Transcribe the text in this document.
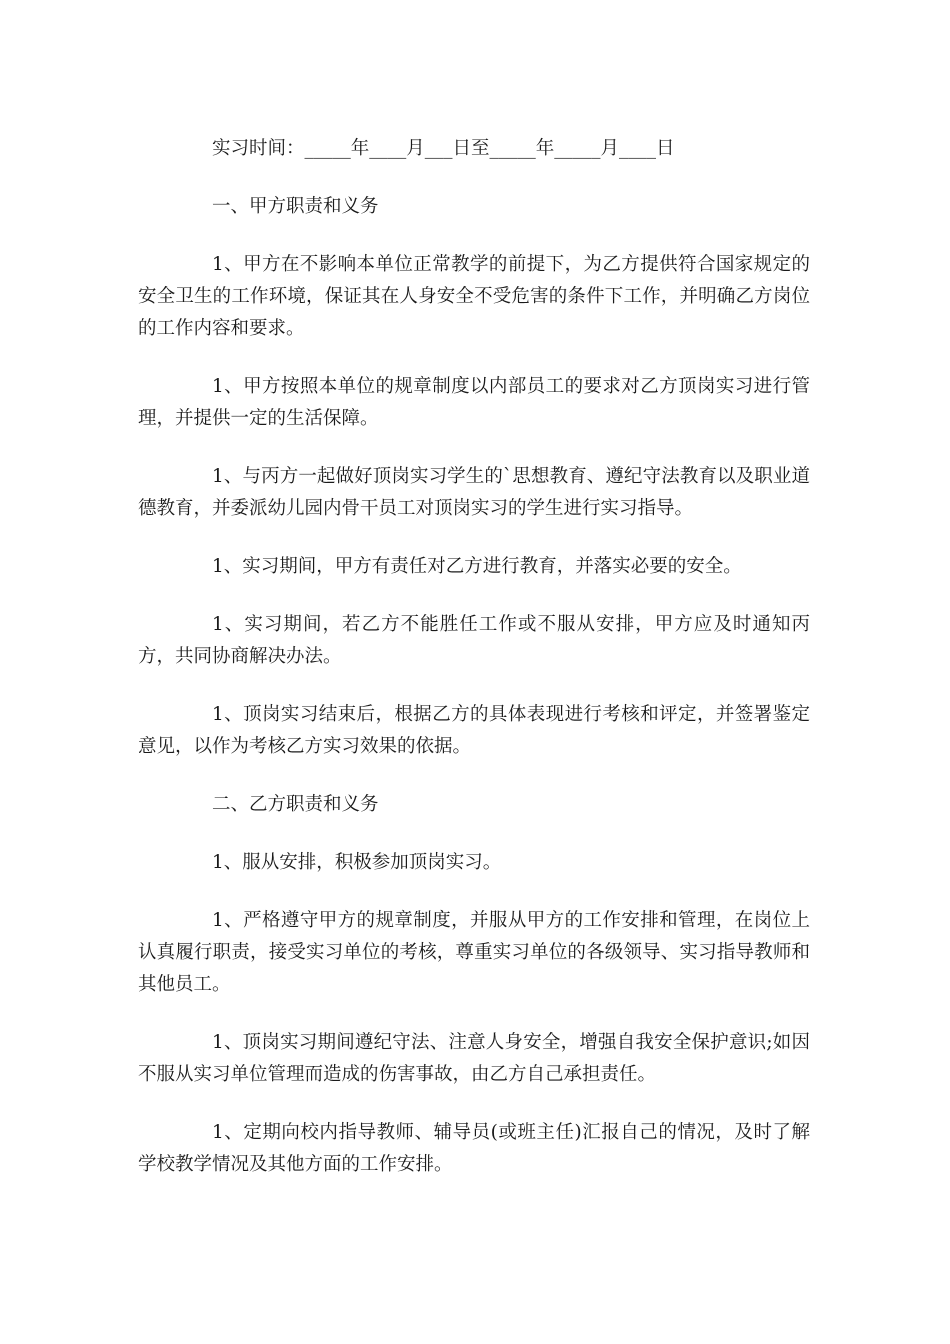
实习时间：_____年____月___日至_____年_____月____日

一、甲方职责和义务

1、甲方在不影响本单位正常教学的前提下，为乙方提供符合国家规定的安全卫生的工作环境，保证其在人身安全不受危害的条件下工作，并明确乙方岗位的工作内容和要求。

1、甲方按照本单位的规章制度以内部员工的要求对乙方顶岗实习进行管理，并提供一定的生活保障。

1、与丙方一起做好顶岗实习学生的`思想教育、遵纪守法教育以及职业道德教育，并委派幼儿园内骨干员工对顶岗实习的学生进行实习指导。

1、实习期间，甲方有责任对乙方进行教育，并落实必要的安全。

1、实习期间，若乙方不能胜任工作或不服从安排，甲方应及时通知丙方，共同协商解决办法。

1、顶岗实习结束后，根据乙方的具体表现进行考核和评定，并签署鉴定意见，以作为考核乙方实习效果的依据。

二、乙方职责和义务

1、服从安排，积极参加顶岗实习。

1、严格遵守甲方的规章制度，并服从甲方的工作安排和管理，在岗位上认真履行职责，接受实习单位的考核，尊重实习单位的各级领导、实习指导教师和其他员工。

1、顶岗实习期间遵纪守法、注意人身安全，增强自我安全保护意识;如因不服从实习单位管理而造成的伤害事故，由乙方自己承担责任。

1、定期向校内指导教师、辅导员(或班主任)汇报自己的情况，及时了解学校教学情况及其他方面的工作安排。
